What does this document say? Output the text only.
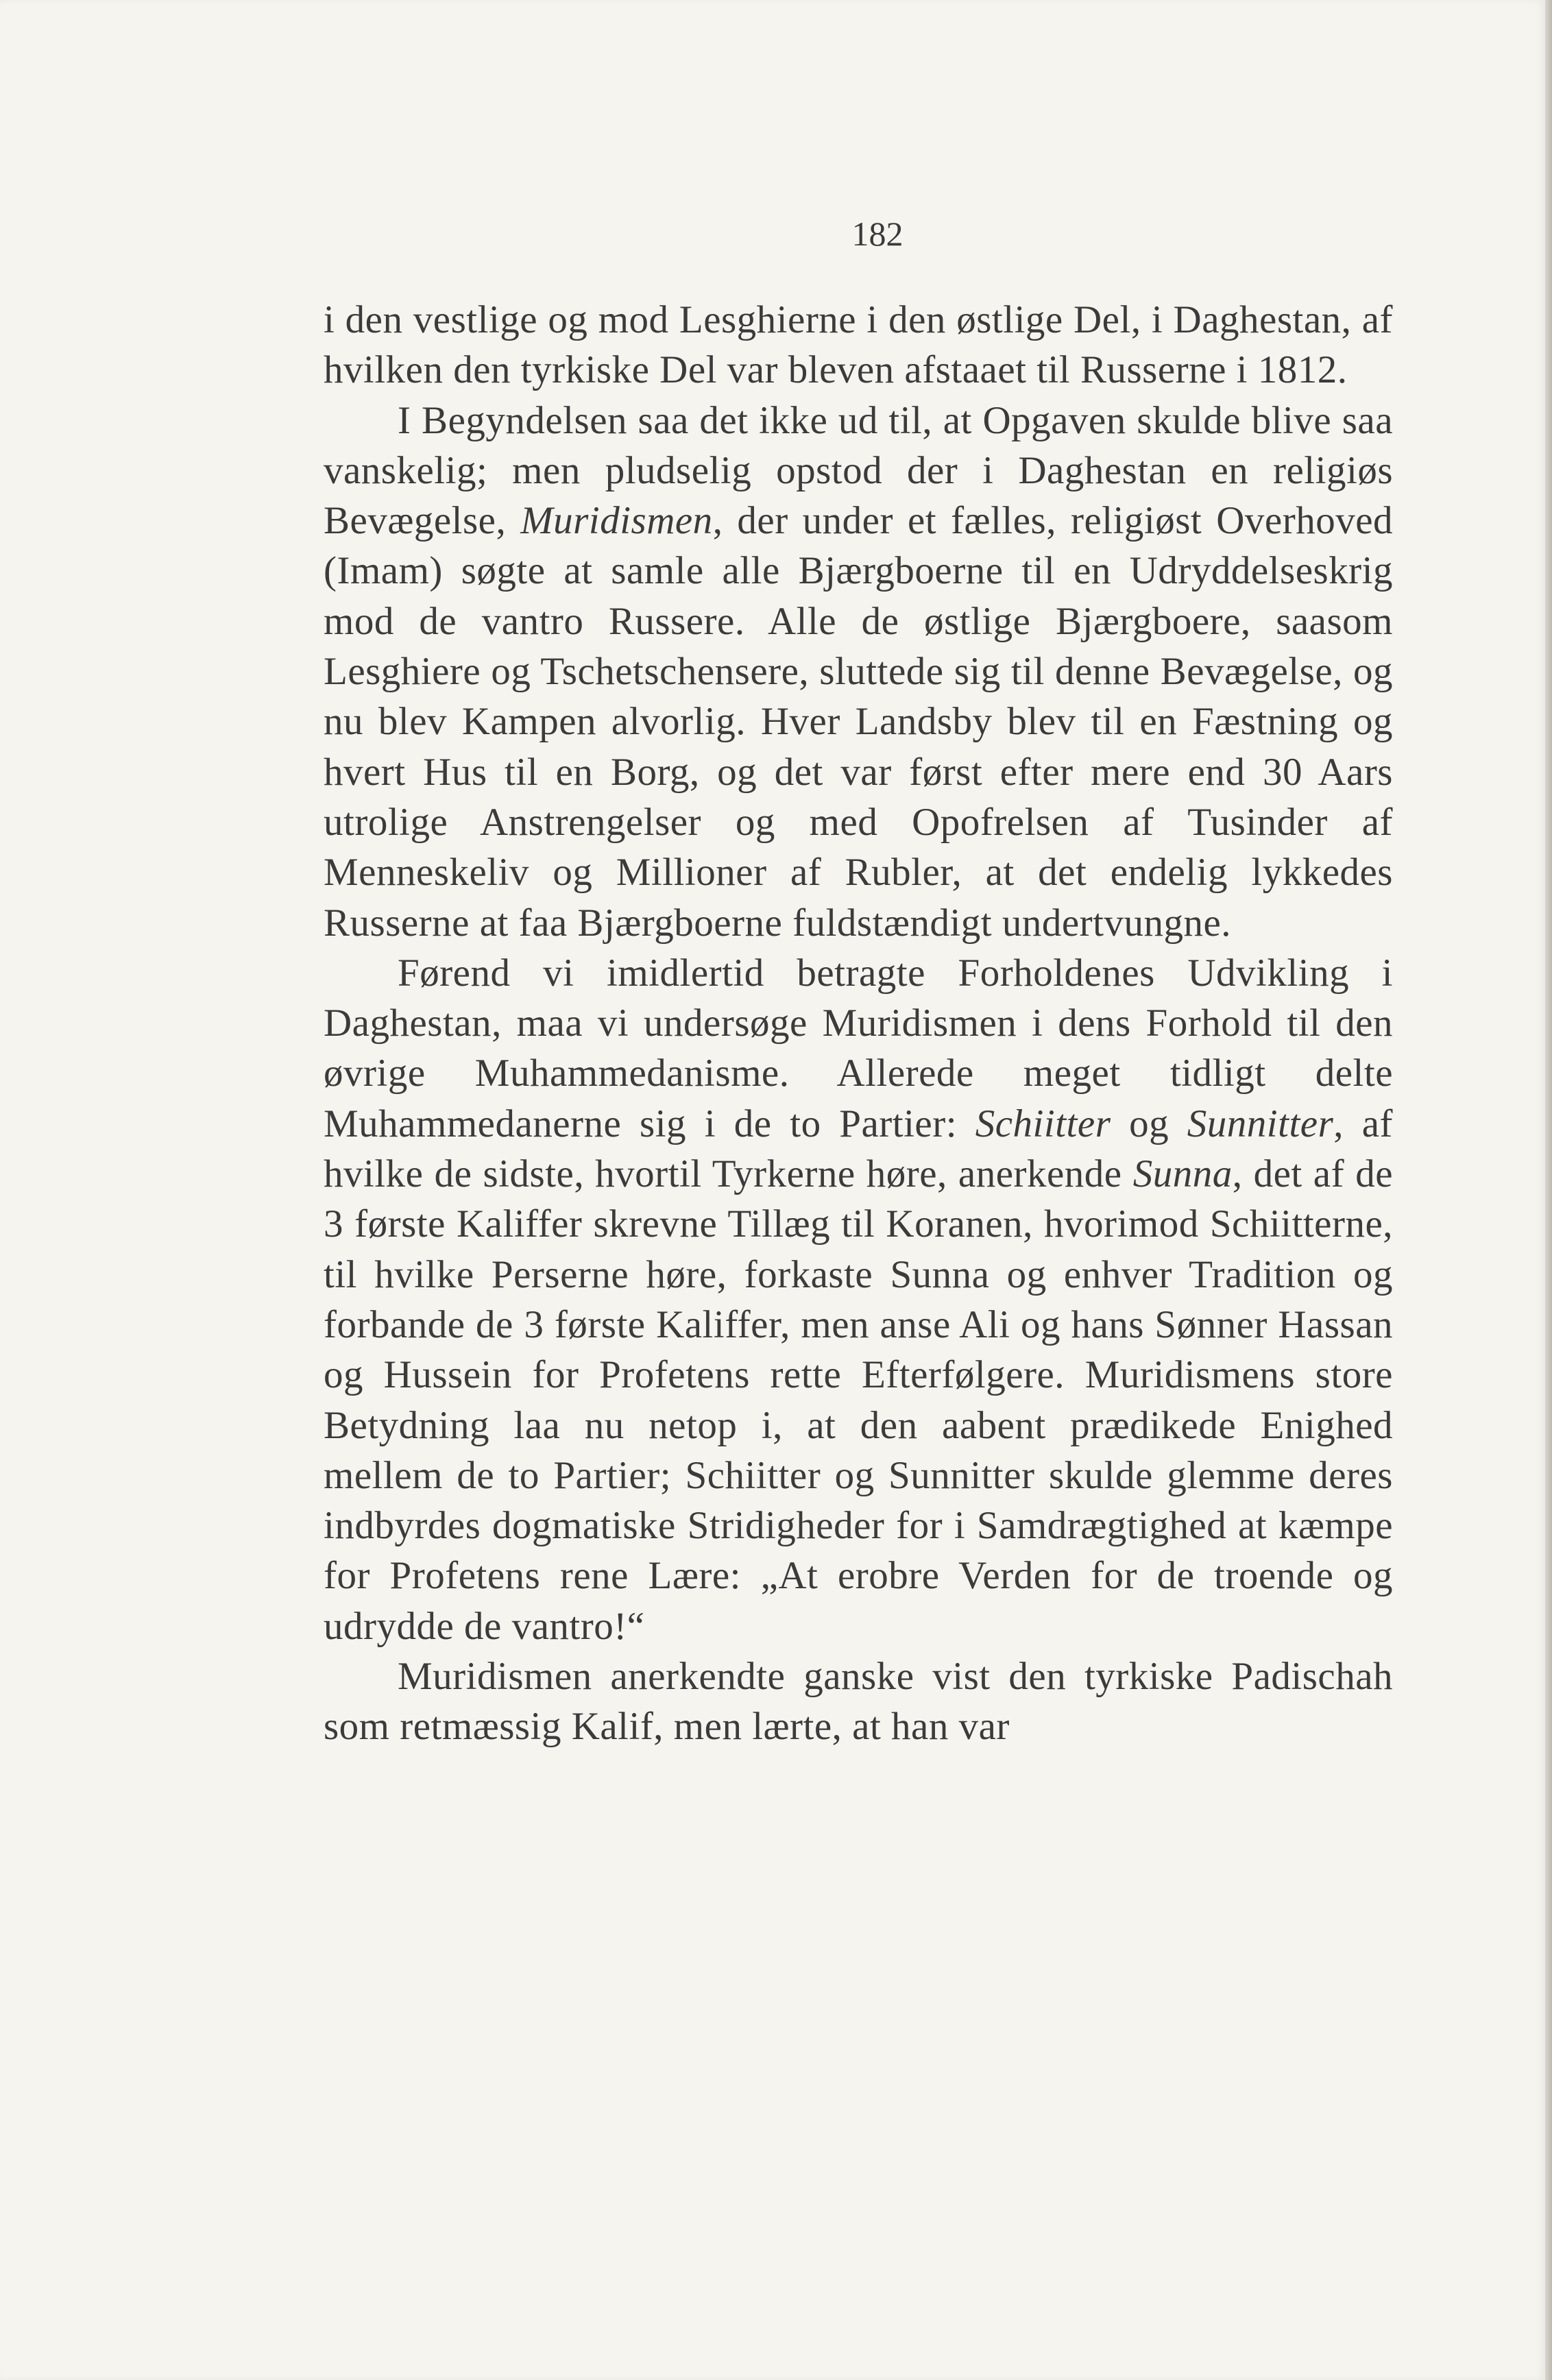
182

i den vestlige og mod Lesghierne i den østlige Del, i Daghestan, af hvilken den tyrkiske Del var bleven afstaaet til Russerne i 1812.

I Begyndelsen saa det ikke ud til, at Opgaven skulde blive saa vanskelig; men pludselig opstod der i Daghestan en religiøs Bevægelse, Muridismen, der under et fælles, religiøst Overhoved (Imam) søgte at samle alle Bjærgboerne til en Udryddelseskrig mod de vantro Russere. Alle de østlige Bjærgboere, saasom Lesghiere og Tschetschensere, sluttede sig til denne Bevægelse, og nu blev Kampen alvorlig. Hver Landsby blev til en Fæstning og hvert Hus til en Borg, og det var først efter mere end 30 Aars utrolige Anstrengelser og med Opofrelsen af Tusinder af Menneskeliv og Millioner af Rubler, at det endelig lykkedes Russerne at faa Bjærgboerne fuldstændigt undertvungne.

Førend vi imidlertid betragte Forholdenes Udvikling i Daghestan, maa vi undersøge Muridismen i dens Forhold til den øvrige Muhammedanisme. Allerede meget tidligt delte Muhammedanerne sig i de to Partier: Schiitter og Sunnitter, af hvilke de sidste, hvortil Tyrkerne høre, anerkende Sunna, det af de 3 første Kaliffer skrevne Tillæg til Koranen, hvorimod Schiitterne, til hvilke Perserne høre, forkaste Sunna og enhver Tradition og forbande de 3 første Kaliffer, men anse Ali og hans Sønner Hassan og Hussein for Profetens rette Efterfølgere. Muridismens store Betydning laa nu netop i, at den aabent prædikede Enighed mellem de to Partier; Schiitter og Sunnitter skulde glemme deres indbyrdes dogmatiske Stridigheder for i Samdrægtighed at kæmpe for Profetens rene Lære: „At erobre Verden for de troende og udrydde de vantro!“

Muridismen anerkendte ganske vist den tyrkiske Padischah som retmæssig Kalif, men lærte, at han var
